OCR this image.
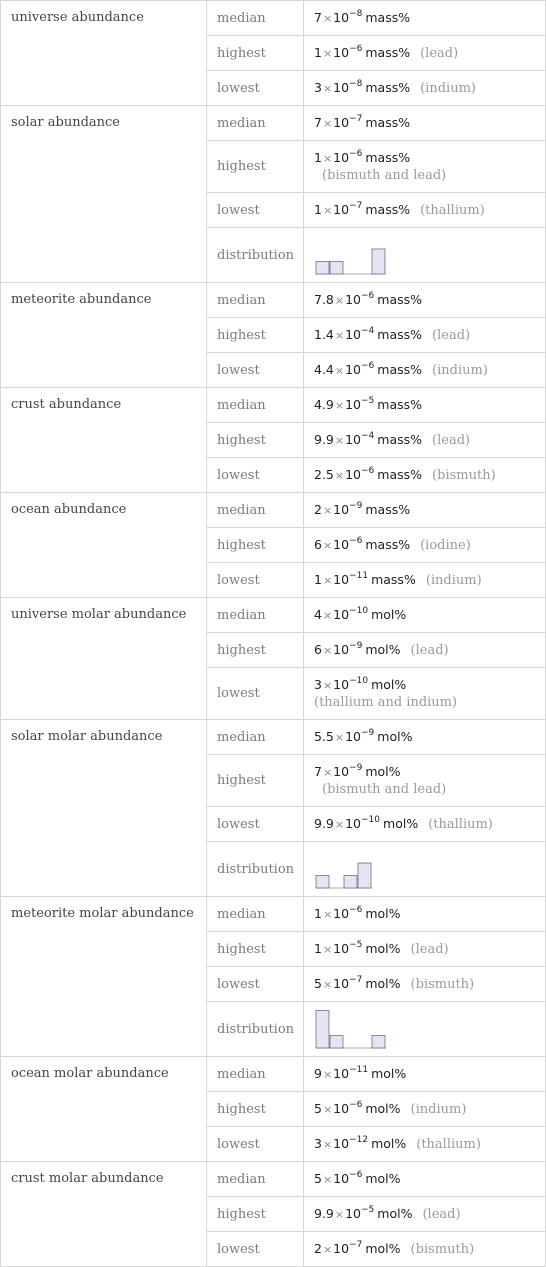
universe abundance	median	$7\times 10^{-8}$ mass%
	highest	$1\times 10^{-6}$ mass% (lead)
	lowest	$3\times 10^{-8}$ mass% (indium)
solar abundance	median	$7\times 10^{-7}$ mass%
	highest	$1\times 10^{-6}$ mass%
(bismuth and lead)

	lowest	$1\times 10^{-7}$ mass% (thallium)
	distribution	

meteorite abundance	median	$7.8\times 10^{-6}$ mass%
	highest	$1.4\times 10^{-4}$ mass% (lead)
	lowest	$4.4\times 10^{-6}$ mass% (indium)
crust abundance	median	$4.9\times 10^{-5}$ mass%
	highest	$9.9\times 10^{-4}$ mass% (lead)
	lowest	$2.5\times 10^{-6}$ mass% (bismuth)
ocean abundance	median	$2\times 10^{-9}$ mass%
	highest	$6\times 10^{-6}$ mass% (iodine)
	lowest	$1\times 10^{-11}$ mass% (indium)
universe molar abundance	median	$4\times 10^{-10}$ mol%
	highest	$6\times 10^{-9}$ mol% (lead)
	lowest	$3\times 10^{-10}$ mol%
(thallium and indium)

solar molar abundance	median	$5.5\times 10^{-9}$ mol%
	highest	$7\times 10^{-9}$ mol%
(bismuth and lead)

	lowest	$9.9\times 10^{-10}$ mol% (thallium)
	distribution	

meteorite molar abundance	median	$1\times 10^{-6}$ mol%
	highest	$1\times 10^{-5}$ mol% (lead)
	lowest	$5\times 10^{-7}$ mol% (bismuth)
	distribution	

ocean molar abundance	median	$9\times 10^{-11}$ mol%
	highest	$5\times 10^{-6}$ mol% (indium)
	lowest	$3\times 10^{-12}$ mol% (thallium)
crust molar abundance	median	$5\times 10^{-6}$ mol%
	highest	$9.9\times 10^{-5}$ mol% (lead)
	lowest	$2\times 10^{-7}$ mol% (bismuth)
